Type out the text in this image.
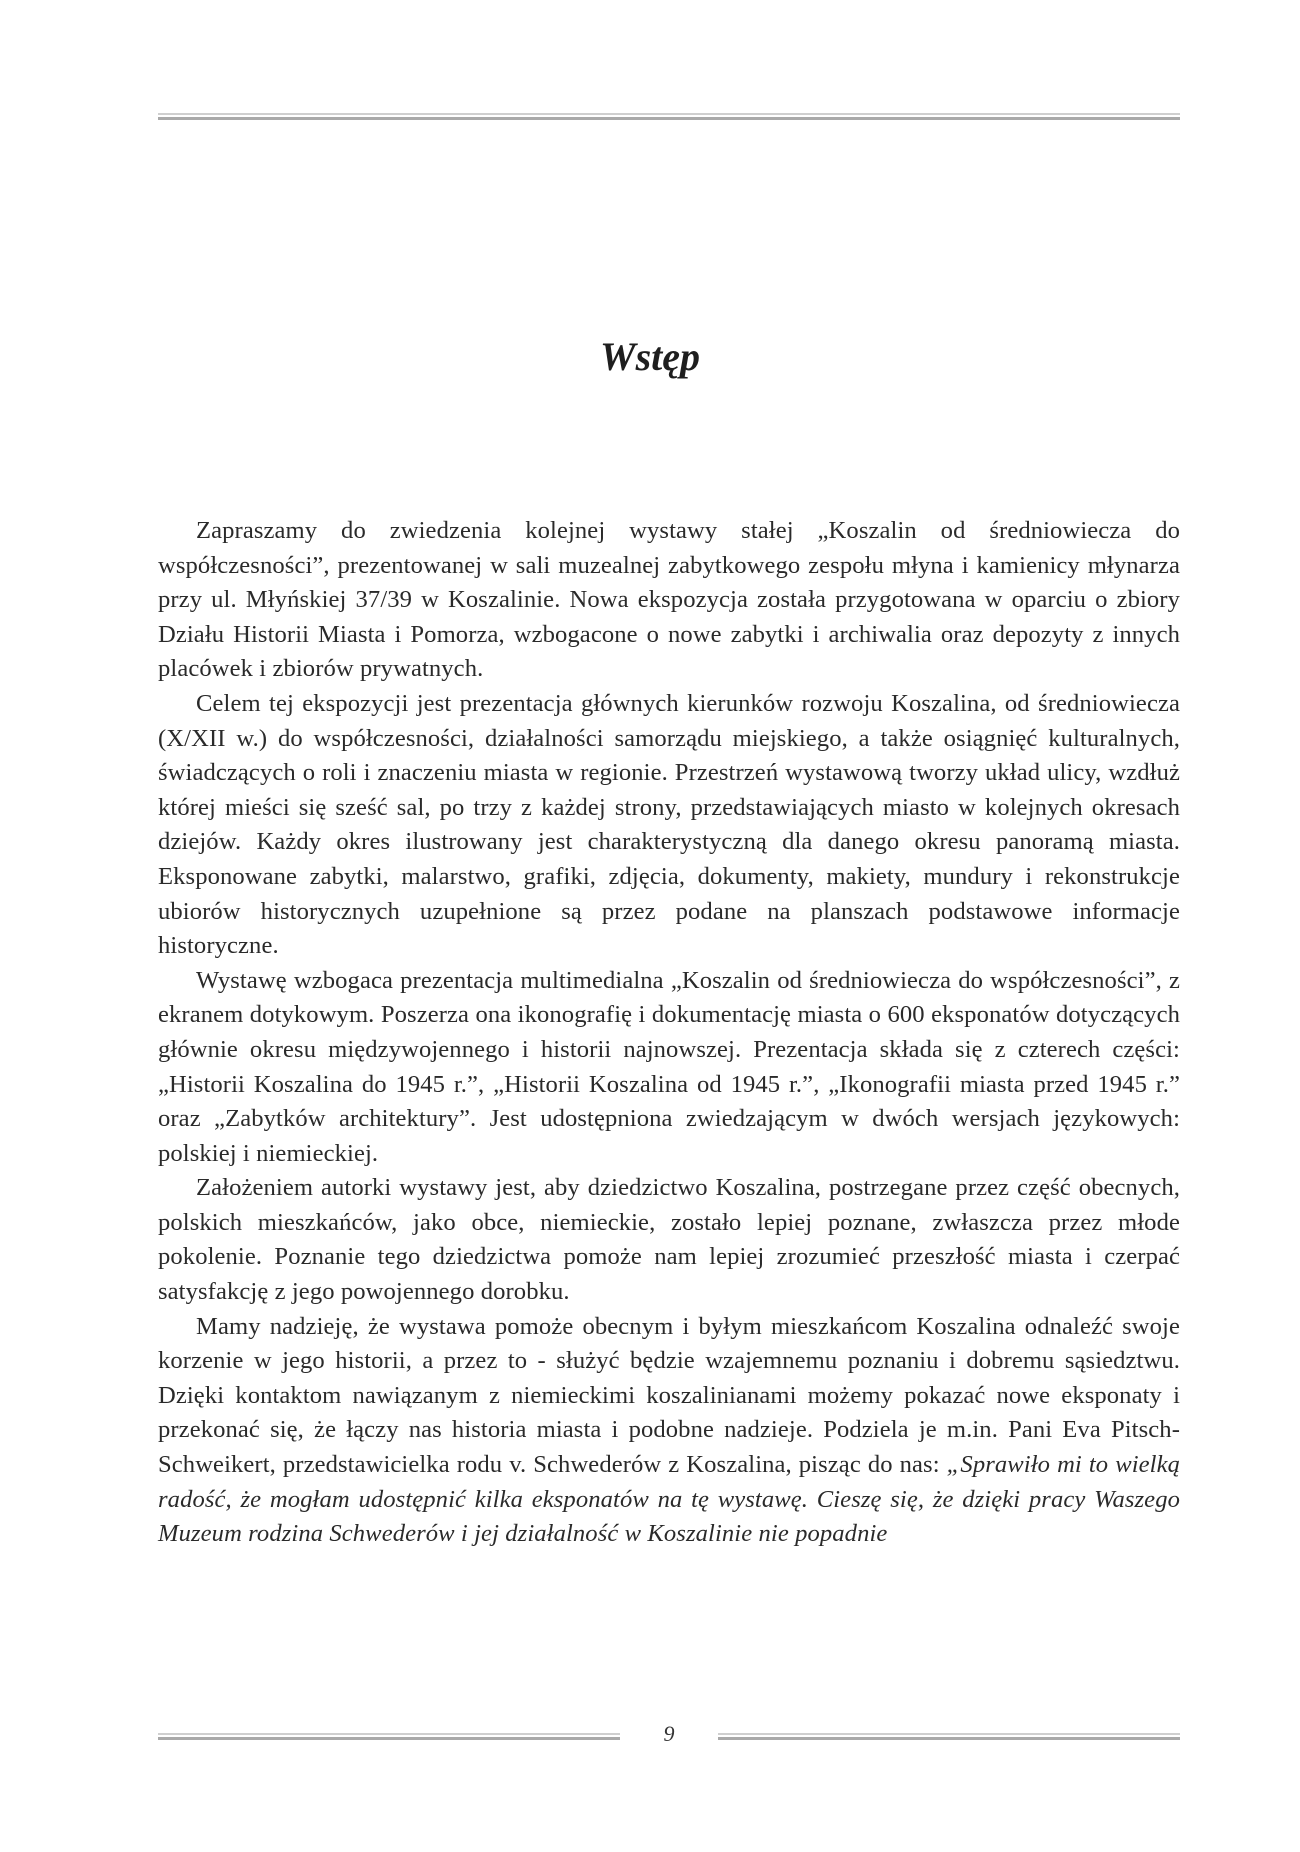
Wstęp

Zapraszamy do zwiedzenia kolejnej wystawy stałej „Koszalin od średniowiecza do współczesności”, prezentowanej w sali muzealnej zabytkowego zespołu młyna i kamienicy młynarza przy ul. Młyńskiej 37/39 w Koszalinie. Nowa ekspozycja została przygotowana w oparciu o zbiory Działu Historii Miasta i Pomorza, wzbogacone o nowe zabytki i archiwalia oraz depozyty z innych placówek i zbiorów prywatnych.

Celem tej ekspozycji jest prezentacja głównych kierunków rozwoju Koszalina, od średniowiecza (X/XII w.) do współczesności, działalności samorządu miejskiego, a także osiągnięć kulturalnych, świadczących o roli i znaczeniu miasta w regionie. Przestrzeń wystawową tworzy układ ulicy, wzdłuż której mieści się sześć sal, po trzy z każdej strony, przedstawiających miasto w kolejnych okresach dziejów. Każdy okres ilustrowany jest charakterystyczną dla danego okresu panoramą miasta. Eksponowane zabytki, malarstwo, grafiki, zdjęcia, dokumenty, makiety, mundury i rekonstrukcje ubiorów historycznych uzupełnione są przez podane na planszach podstawowe informacje historyczne.

Wystawę wzbogaca prezentacja multimedialna „Koszalin od średniowiecza do współczesności”, z ekranem dotykowym. Poszerza ona ikonografię i dokumentację miasta o 600 eksponatów dotyczących głównie okresu międzywojennego i historii najnowszej. Prezentacja składa się z czterech części: „Historii Koszalina do 1945 r.”, „Historii Koszalina od 1945 r.”, „Ikonografii miasta przed 1945 r.” oraz „Zabytków architektury”. Jest udostępniona zwiedzającym w dwóch wersjach językowych: polskiej i niemieckiej.

Założeniem autorki wystawy jest, aby dziedzictwo Koszalina, postrzegane przez część obecnych, polskich mieszkańców, jako obce, niemieckie, zostało lepiej poznane, zwłaszcza przez młode pokolenie. Poznanie tego dziedzictwa pomoże nam lepiej zrozumieć przeszłość miasta i czerpać satysfakcję z jego powojennego dorobku.

Mamy nadzieję, że wystawa pomoże obecnym i byłym mieszkańcom Koszalina odnaleźć swoje korzenie w jego historii, a przez to - służyć będzie wzajemnemu poznaniu i dobremu sąsiedztwu. Dzięki kontaktom nawiązanym z niemieckimi koszalinianami możemy pokazać nowe eksponaty i przekonać się, że łączy nas historia miasta i podobne nadzieje. Podziela je m.in. Pani Eva Pitsch-Schweikert, przedstawicielka rodu v. Schwederów z Koszalina, pisząc do nas: „Sprawiło mi to wielką radość, że mogłam udostępnić kilka eksponatów na tę wystawę. Cieszę się, że dzięki pracy Waszego Muzeum rodzina Schwederów i jej działalność w Koszalinie nie popadnie

9
